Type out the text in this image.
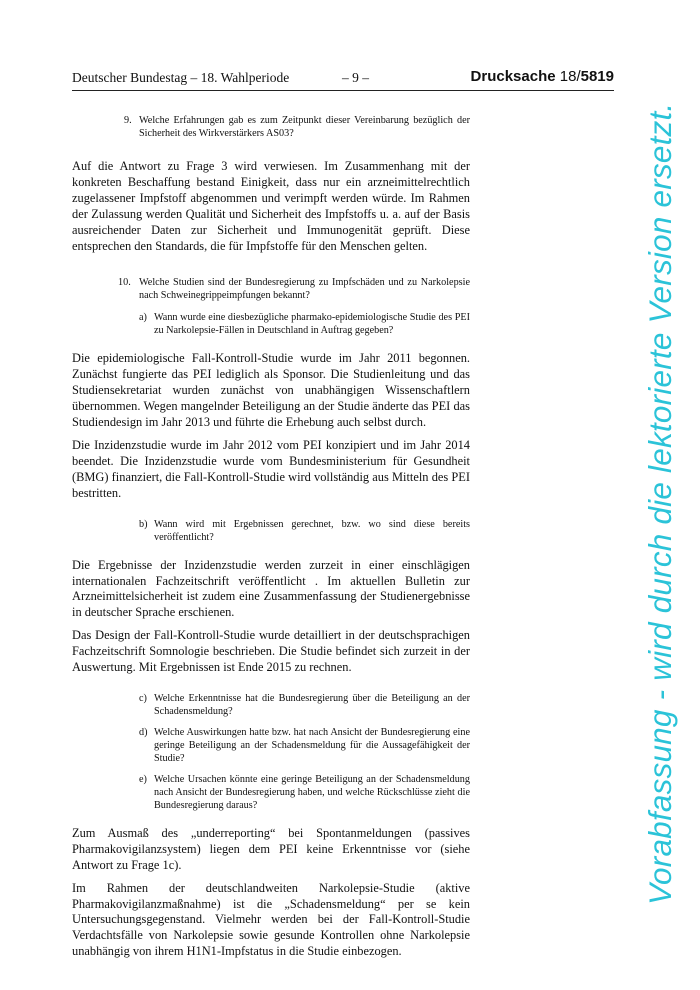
Deutscher Bundestag – 18. Wahlperiode	– 9 –	Drucksache 18/5819
9. Welche Erfahrungen gab es zum Zeitpunkt dieser Vereinbarung bezüglich der Sicherheit des Wirkverstärkers AS03?

Auf die Antwort zu Frage 3 wird verwiesen. Im Zusammenhang mit der konkreten Beschaffung bestand Einigkeit, dass nur ein arzneimittelrechtlich zugelassener Impfstoff abgenommen und verimpft werden würde. Im Rahmen der Zulassung werden Qualität und Sicherheit des Impfstoffs u. a. auf der Basis ausreichender Daten zur Sicherheit und Immunogenität geprüft. Diese entsprechen den Standards, die für Impfstoffe für den Menschen gelten.

10. Welche Studien sind der Bundesregierung zu Impfschäden und zu Narkolepsie nach Schweinegrippeimpfungen bekannt?
a) Wann wurde eine diesbezügliche pharmako-epidemiologische Studie des PEI zu Narkolepsie-Fällen in Deutschland in Auftrag gegeben?

Die epidemiologische Fall-Kontroll-Studie wurde im Jahr 2011 begonnen. Zunächst fungierte das PEI lediglich als Sponsor. Die Studienleitung und das Studiensekretariat wurden zunächst von unabhängigen Wissenschaftlern übernommen. Wegen mangelnder Beteiligung an der Studie änderte das PEI das Studiendesign im Jahr 2013 und führte die Erhebung auch selbst durch.

Die Inzidenzstudie wurde im Jahr 2012 vom PEI konzipiert und im Jahr 2014 beendet. Die Inzidenzstudie wurde vom Bundesministerium für Gesundheit (BMG) finanziert, die Fall-Kontroll-Studie wird vollständig aus Mitteln des PEI bestritten.

b) Wann wird mit Ergebnissen gerechnet, bzw. wo sind diese bereits veröffentlicht?

Die Ergebnisse der Inzidenzstudie werden zurzeit in einer einschlägigen internationalen Fachzeitschrift veröffentlicht . Im aktuellen Bulletin zur Arzneimittelsicherheit ist zudem eine Zusammenfassung der Studienergebnisse in deutscher Sprache erschienen.

Das Design der Fall-Kontroll-Studie wurde detailliert in der deutschsprachigen Fachzeitschrift Somnologie beschrieben. Die Studie befindet sich zurzeit in der Auswertung. Mit Ergebnissen ist Ende 2015 zu rechnen.

c) Welche Erkenntnisse hat die Bundesregierung über die Beteiligung an der Schadensmeldung?
d) Welche Auswirkungen hatte bzw. hat nach Ansicht der Bundesregierung eine geringe Beteiligung an der Schadensmeldung für die Aussagefähigkeit der Studie?
e) Welche Ursachen könnte eine geringe Beteiligung an der Schadensmeldung nach Ansicht der Bundesregierung haben, und welche Rückschlüsse zieht die Bundesregierung daraus?

Zum Ausmaß des „underreporting“ bei Spontanmeldungen (passives Pharmakovigilanzsystem) liegen dem PEI keine Erkenntnisse vor (siehe Antwort zu Frage 1c).

Im Rahmen der deutschlandweiten Narkolepsie-Studie (aktive Pharmakovigilanzmaßnahme) ist die „Schadensmeldung“ per se kein Untersuchungsgegenstand. Vielmehr werden bei der Fall-Kontroll-Studie Verdachtsfälle von Narkolepsie sowie gesunde Kontrollen ohne Narkolepsie unabhängig von ihrem H1N1-Impfstatus in die Studie einbezogen.

Vorabfassung - wird durch die lektorierte Version ersetzt.
